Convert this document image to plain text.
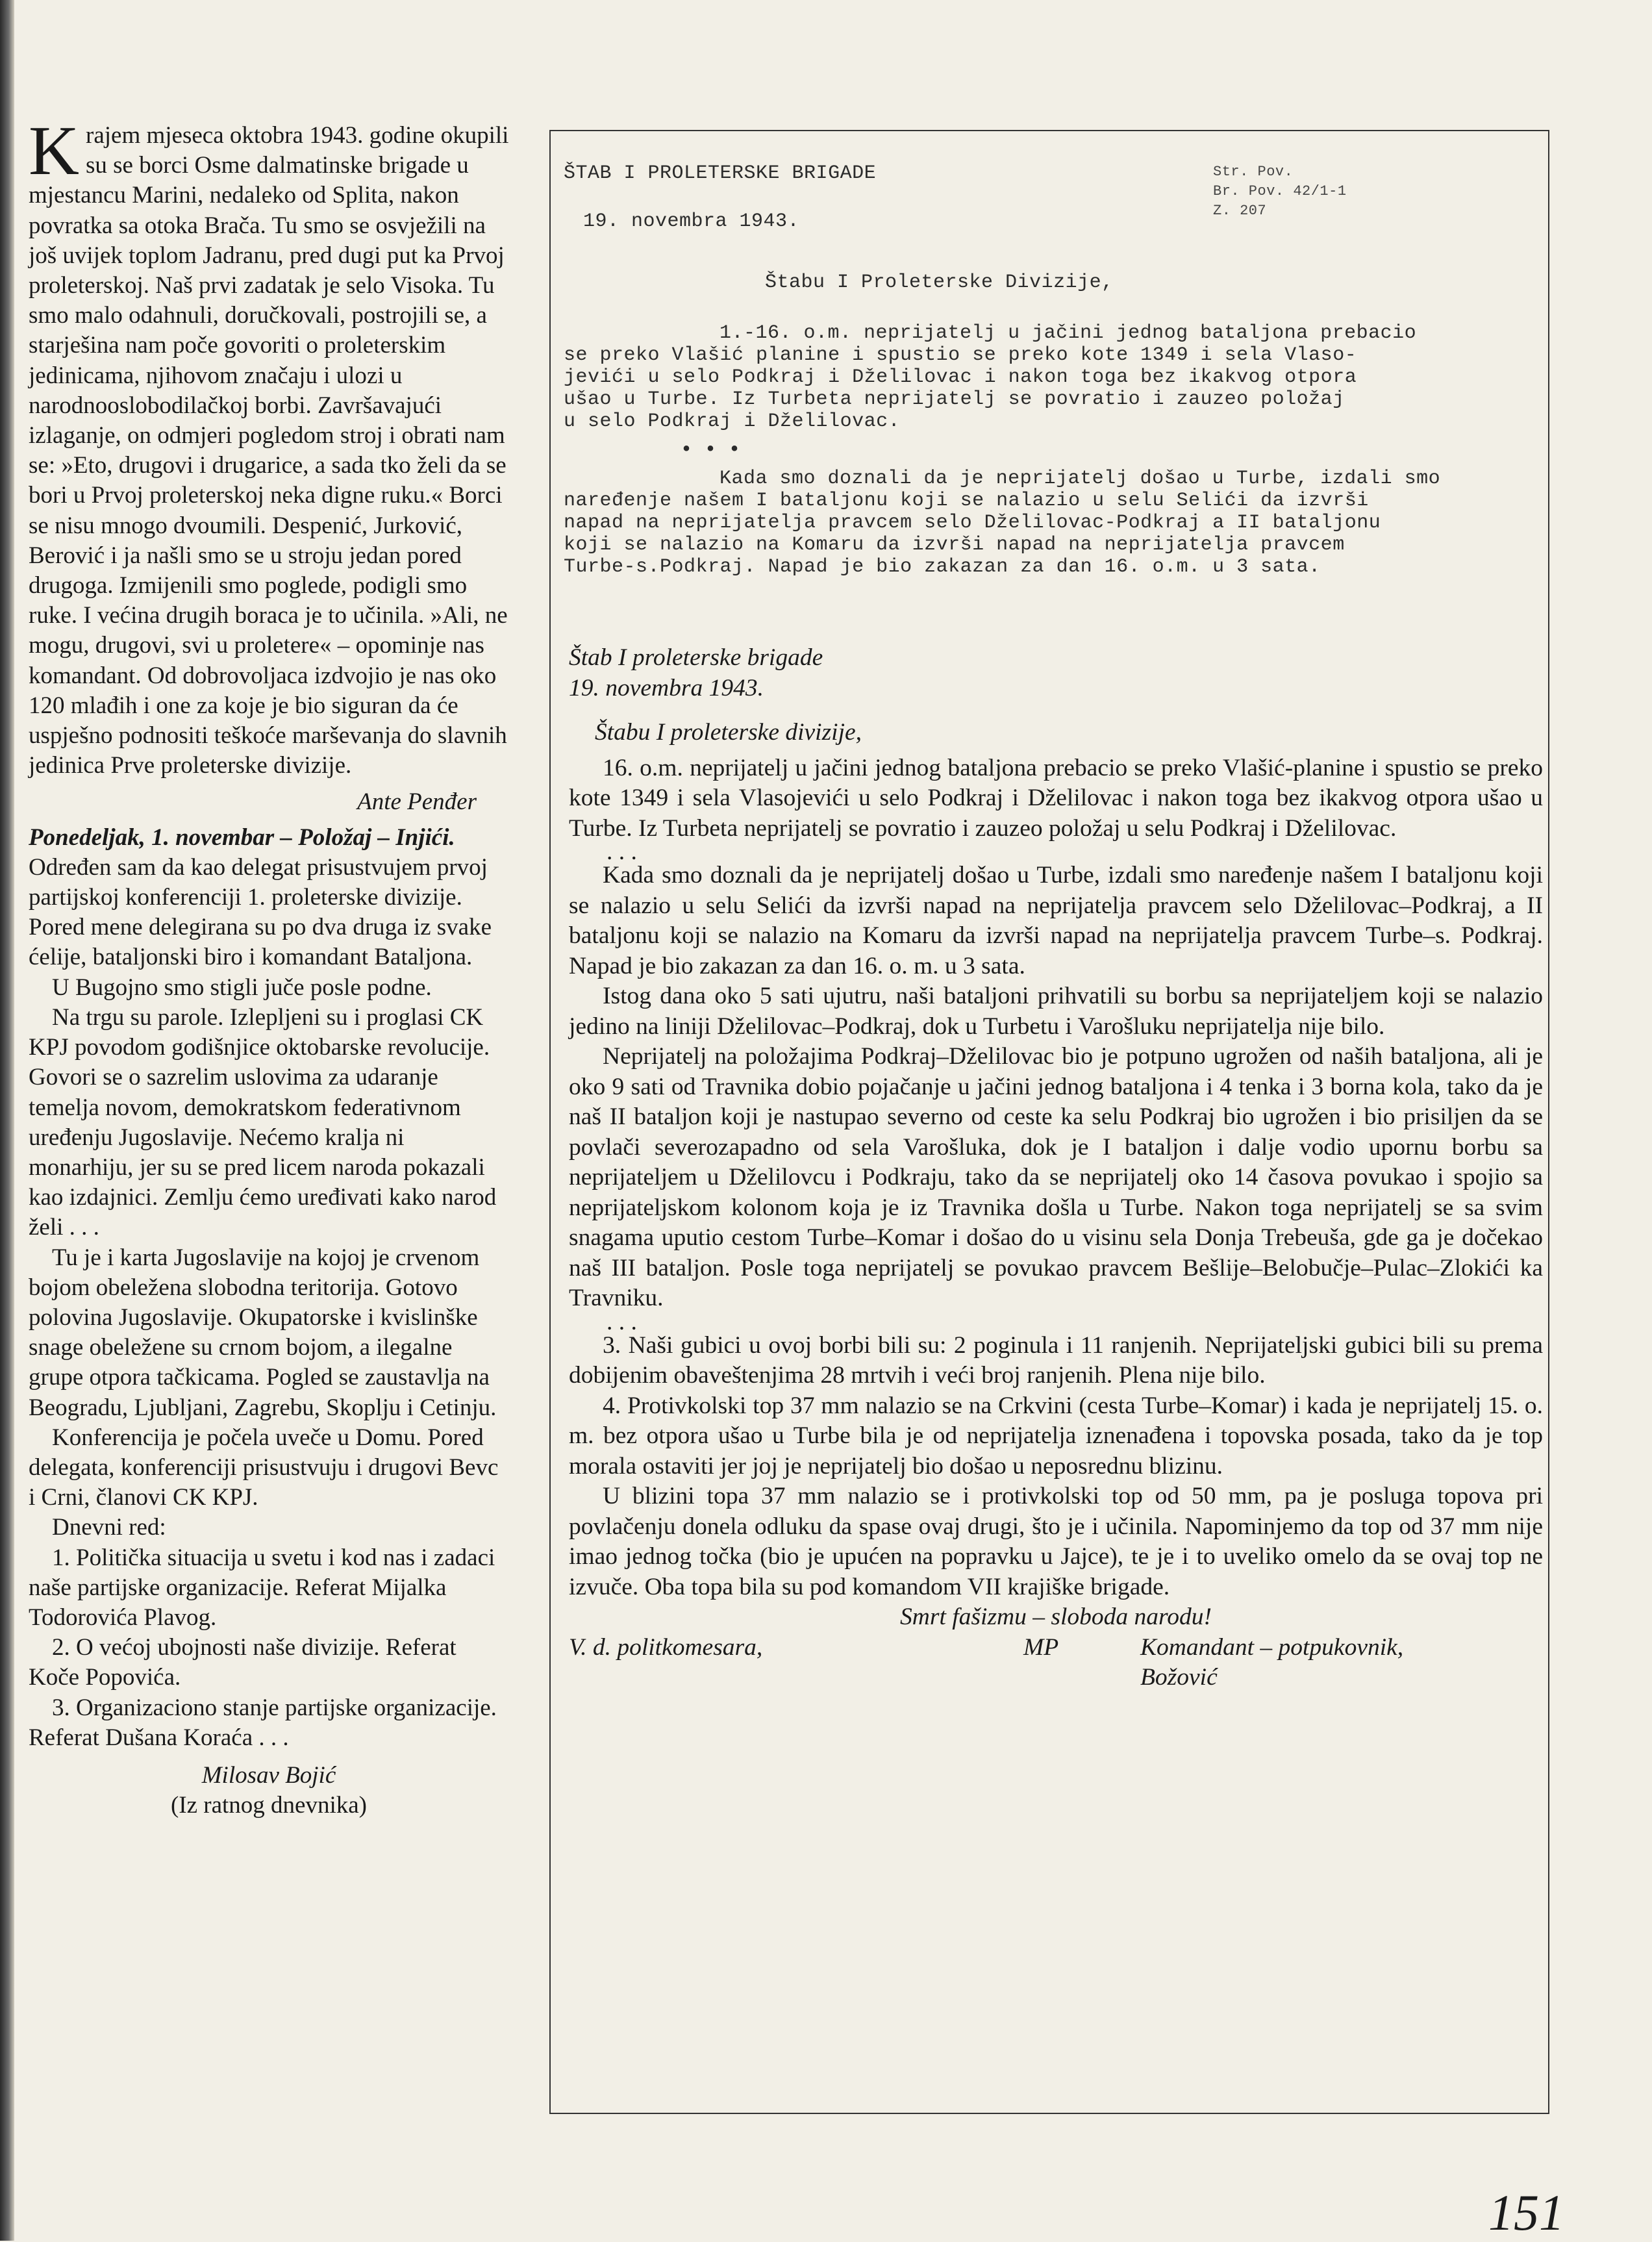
Krajem mjeseca oktobra 1943. godine okupili su se borci Osme dalmatinske brigade u mjestancu Marini, nedaleko od Splita, nakon povratka sa otoka Brača. Tu smo se osvježili na još uvijek toplom Jadranu, pred dugi put ka Prvoj proleterskoj. Naš prvi zadatak je selo Visoka. Tu smo malo odahnuli, doručkovali, postrojili se, a starješina nam poče govoriti o proleterskim jedinicama, njihovom značaju i ulozi u narodnooslobodilačkoj borbi. Završavajući izlaganje, on odmjeri pogledom stroj i obrati nam se: »Eto, drugovi i drugarice, a sada tko želi da se bori u Prvoj proleterskoj neka digne ruku.« Borci se nisu mnogo dvoumili. Despenić, Jurković, Berović i ja našli smo se u stroju jedan pored drugoga. Izmijenili smo poglede, podigli smo ruke. I većina drugih boraca je to učinila. »Ali, ne mogu, drugovi, svi u proletere« – opominje nas komandant. Od dobrovoljaca izdvojio je nas oko 120 mlađih i one za koje je bio siguran da će uspješno podnositi teškoće marševanja do slavnih jedinica Prve proleterske divizije.

Ante Penđer

Ponedeljak, 1. novembar – Položaj – Injići. Određen sam da kao delegat prisustvujem prvoj partijskoj konferenciji 1. proleterske divizije. Pored mene delegirana su po dva druga iz svake ćelije, bataljonski biro i komandant Bataljona.

U Bugojno smo stigli juče posle podne.

Na trgu su parole. Izlepljeni su i proglasi CK KPJ povodom godišnjice oktobarske revolucije. Govori se o sazrelim uslovima za udaranje temelja novom, demokratskom federativnom uređenju Jugoslavije. Nećemo kralja ni monarhiju, jer su se pred licem naroda pokazali kao izdajnici. Zemlju ćemo uređivati kako narod želi . . .

Tu je i karta Jugoslavije na kojoj je crvenom bojom obeležena slobodna teritorija. Gotovo polovina Jugoslavije. Okupatorske i kvislinške snage obeležene su crnom bojom, a ilegalne grupe otpora tačkicama. Pogled se zaustavlja na Beogradu, Ljubljani, Zagrebu, Skoplju i Cetinju.

Konferencija je počela uveče u Domu. Pored delegata, konferenciji prisustvuju i drugovi Bevc i Crni, članovi CK KPJ.

Dnevni red:

1. Politička situacija u svetu i kod nas i zadaci naše partijske organizacije. Referat Mijalka Todorovića Plavog.

2. O većoj ubojnosti naše divizije. Referat Koče Popovića.

3. Organizaciono stanje partijske organizacije. Referat Dušana Koraća . . .

Milosav Bojić

(Iz ratnog dnevnika)

ŠTAB I PROLETERSKE BRIGADE

19. novembra 1943.

Str. Pov.
Br. Pov. 42/1-1
Z. 207

Štabu I Proleterske Divizije,

1.-16. o.m. neprijatelj u jačini jednog bataljona prebacio
se preko Vlašić planine i spustio se preko kote 1349 i sela Vlaso-
jevići u selo Podkraj i Dželilovac i nakon toga bez ikakvog otpora
ušao u Turbe. Iz Turbeta neprijatelj se povratio i zauzeo položaj
u selo Podkraj i Dželilovac.
• • •
Kada smo doznali da je neprijatelj došao u Turbe, izdali smo
naređenje našem I bataljonu koji se nalazio u selu Selići da izvrši
napad na neprijatelja pravcem selo Dželilovac-Podkraj a II bataljonu
koji se nalazio na Komaru da izvrši napad na neprijatelja pravcem
Turbe-s.Podkraj. Napad je bio zakazan za dan 16. o.m. u 3 sata.

Štab I proleterske brigade

19. novembra 1943.

Štabu I proleterske divizije,

16. o.m. neprijatelj u jačini jednog bataljona prebacio se preko Vlašić-planine i spustio se preko kote 1349 i sela Vlasojevići u selo Podkraj i Dželilovac i nakon toga bez ikakvog otpora ušao u Turbe. Iz Turbeta neprijatelj se povratio i zauzeo položaj u selu Podkraj i Dželilovac.

. . .

Kada smo doznali da je neprijatelj došao u Turbe, izdali smo naređenje našem I bataljonu koji se nalazio u selu Selići da izvrši napad na neprijatelja pravcem selo Dželilovac–Podkraj, a II bataljonu koji se nalazio na Komaru da izvrši napad na neprijatelja pravcem Turbe–s. Podkraj. Napad je bio zakazan za dan 16. o. m. u 3 sata.

Istog dana oko 5 sati ujutru, naši bataljoni prihvatili su borbu sa neprijateljem koji se nalazio jedino na liniji Dželilovac–Podkraj, dok u Turbetu i Varošluku neprijatelja nije bilo.

Neprijatelj na položajima Podkraj–Dželilovac bio je potpuno ugrožen od naših bataljona, ali je oko 9 sati od Travnika dobio pojačanje u jačini jednog bataljona i 4 tenka i 3 borna kola, tako da je naš II bataljon koji je nastupao severno od ceste ka selu Podkraj bio ugrožen i bio prisiljen da se povlači severozapadno od sela Varošluka, dok je I bataljon i dalje vodio upornu borbu sa neprijateljem u Dželilovcu i Podkraju, tako da se neprijatelj oko 14 časova povukao i spojio sa neprijateljskom kolonom koja je iz Travnika došla u Turbe. Nakon toga neprijatelj se sa svim snagama uputio cestom Turbe–Komar i došao do u visinu sela Donja Trebeuša, gde ga je dočekao naš III bataljon. Posle toga neprijatelj se povukao pravcem Bešlije–Belobučje–Pulac–Zlokići ka Travniku.

. . .

3. Naši gubici u ovoj borbi bili su: 2 poginula i 11 ranjenih. Neprijateljski gubici bili su prema dobijenim obaveštenjima 28 mrtvih i veći broj ranjenih. Plena nije bilo.

4. Protivkolski top 37 mm nalazio se na Crkvini (cesta Turbe–Komar) i kada je neprijatelj 15. o. m. bez otpora ušao u Turbe bila je od neprijatelja iznenađena i topovska posada, tako da je top morala ostaviti jer joj je neprijatelj bio došao u neposrednu blizinu.

U blizini topa 37 mm nalazio se i protivkolski top od 50 mm, pa je posluga topova pri povlačenju donela odluku da spase ovaj drugi, što je i učinila. Napominjemo da top od 37 mm nije imao jednog točka (bio je upućen na popravku u Jajce), te je i to uveliko omelo da se ovaj top ne izvuče. Oba topa bila su pod komandom VII krajiške brigade.

Smrt fašizmu – sloboda narodu!

V. d. politkomesara,	MP	Komandant – potpukovnik,
Božović
151
